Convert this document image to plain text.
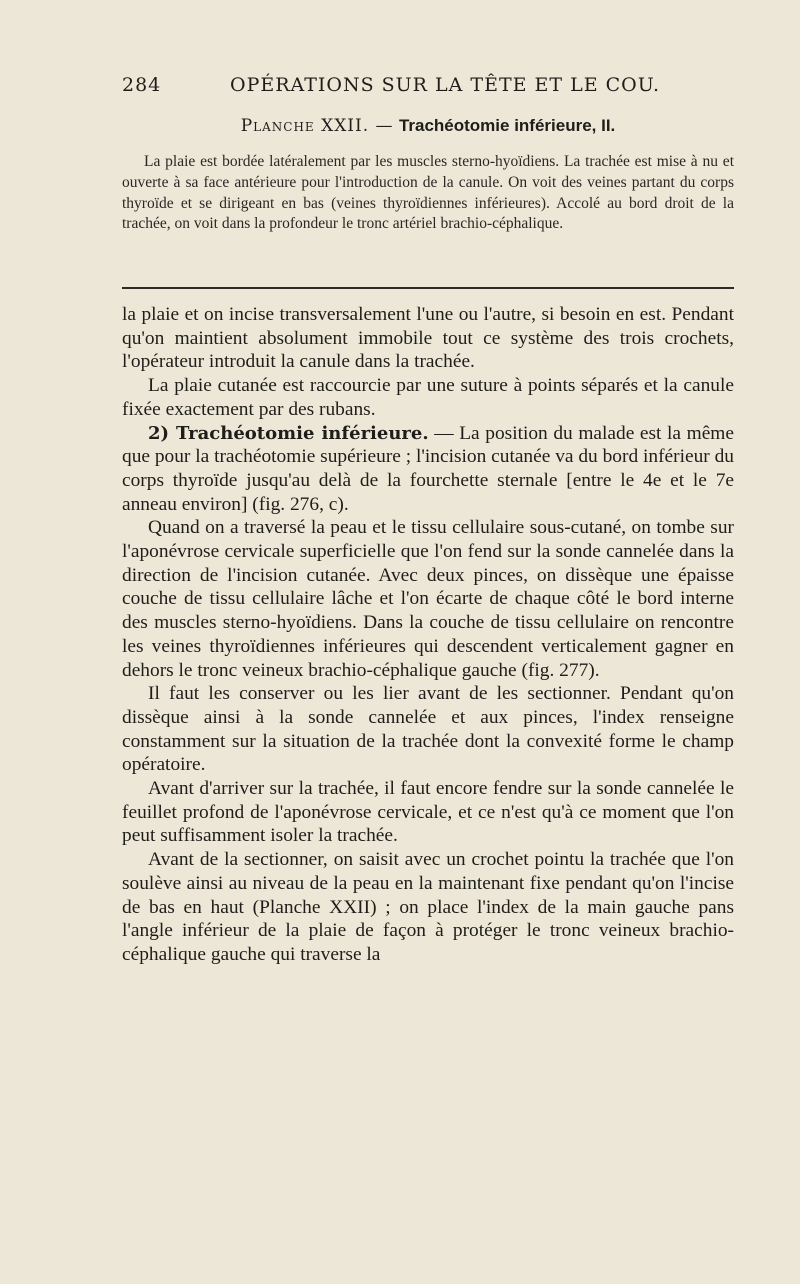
284	OPÉRATIONS SUR LA TÊTE ET LE COU.
Planche XXII. — Trachéotomie inférieure, II.

La plaie est bordée latéralement par les muscles sterno-hyoïdiens. La trachée est mise à nu et ouverte à sa face antérieure pour l'introduction de la canule. On voit des veines partant du corps thyroïde et se dirigeant en bas (veines thyroïdiennes inférieures). Accolé au bord droit de la trachée, on voit dans la profondeur le tronc artériel brachio-céphalique.

la plaie et on incise transversalement l'une ou l'autre, si besoin en est. Pendant qu'on maintient absolument immobile tout ce système des trois crochets, l'opérateur introduit la canule dans la trachée.

La plaie cutanée est raccourcie par une suture à points séparés et la canule fixée exactement par des rubans.

2) Trachéotomie inférieure. — La position du malade est la même que pour la trachéotomie supérieure ; l'incision cutanée va du bord inférieur du corps thyroïde jusqu'au delà de la fourchette sternale [entre le 4e et le 7e anneau environ] (fig. 276, c).

Quand on a traversé la peau et le tissu cellulaire sous-cutané, on tombe sur l'aponévrose cervicale superficielle que l'on fend sur la sonde cannelée dans la direction de l'incision cutanée. Avec deux pinces, on dissèque une épaisse couche de tissu cellulaire lâche et l'on écarte de chaque côté le bord interne des muscles sterno-hyoïdiens. Dans la couche de tissu cellulaire on rencontre les veines thyroïdiennes inférieures qui descendent verticalement gagner en dehors le tronc veineux brachio-céphalique gauche (fig. 277).

Il faut les conserver ou les lier avant de les sectionner. Pendant qu'on dissèque ainsi à la sonde cannelée et aux pinces, l'index renseigne constamment sur la situation de la trachée dont la convexité forme le champ opératoire.

Avant d'arriver sur la trachée, il faut encore fendre sur la sonde cannelée le feuillet profond de l'aponévrose cervicale, et ce n'est qu'à ce moment que l'on peut suffisamment isoler la trachée.

Avant de la sectionner, on saisit avec un crochet pointu la trachée que l'on soulève ainsi au niveau de la peau en la maintenant fixe pendant qu'on l'incise de bas en haut (Planche XXII) ; on place l'index de la main gauche pans l'angle inférieur de la plaie de façon à protéger le tronc veineux brachio-céphalique gauche qui traverse la
